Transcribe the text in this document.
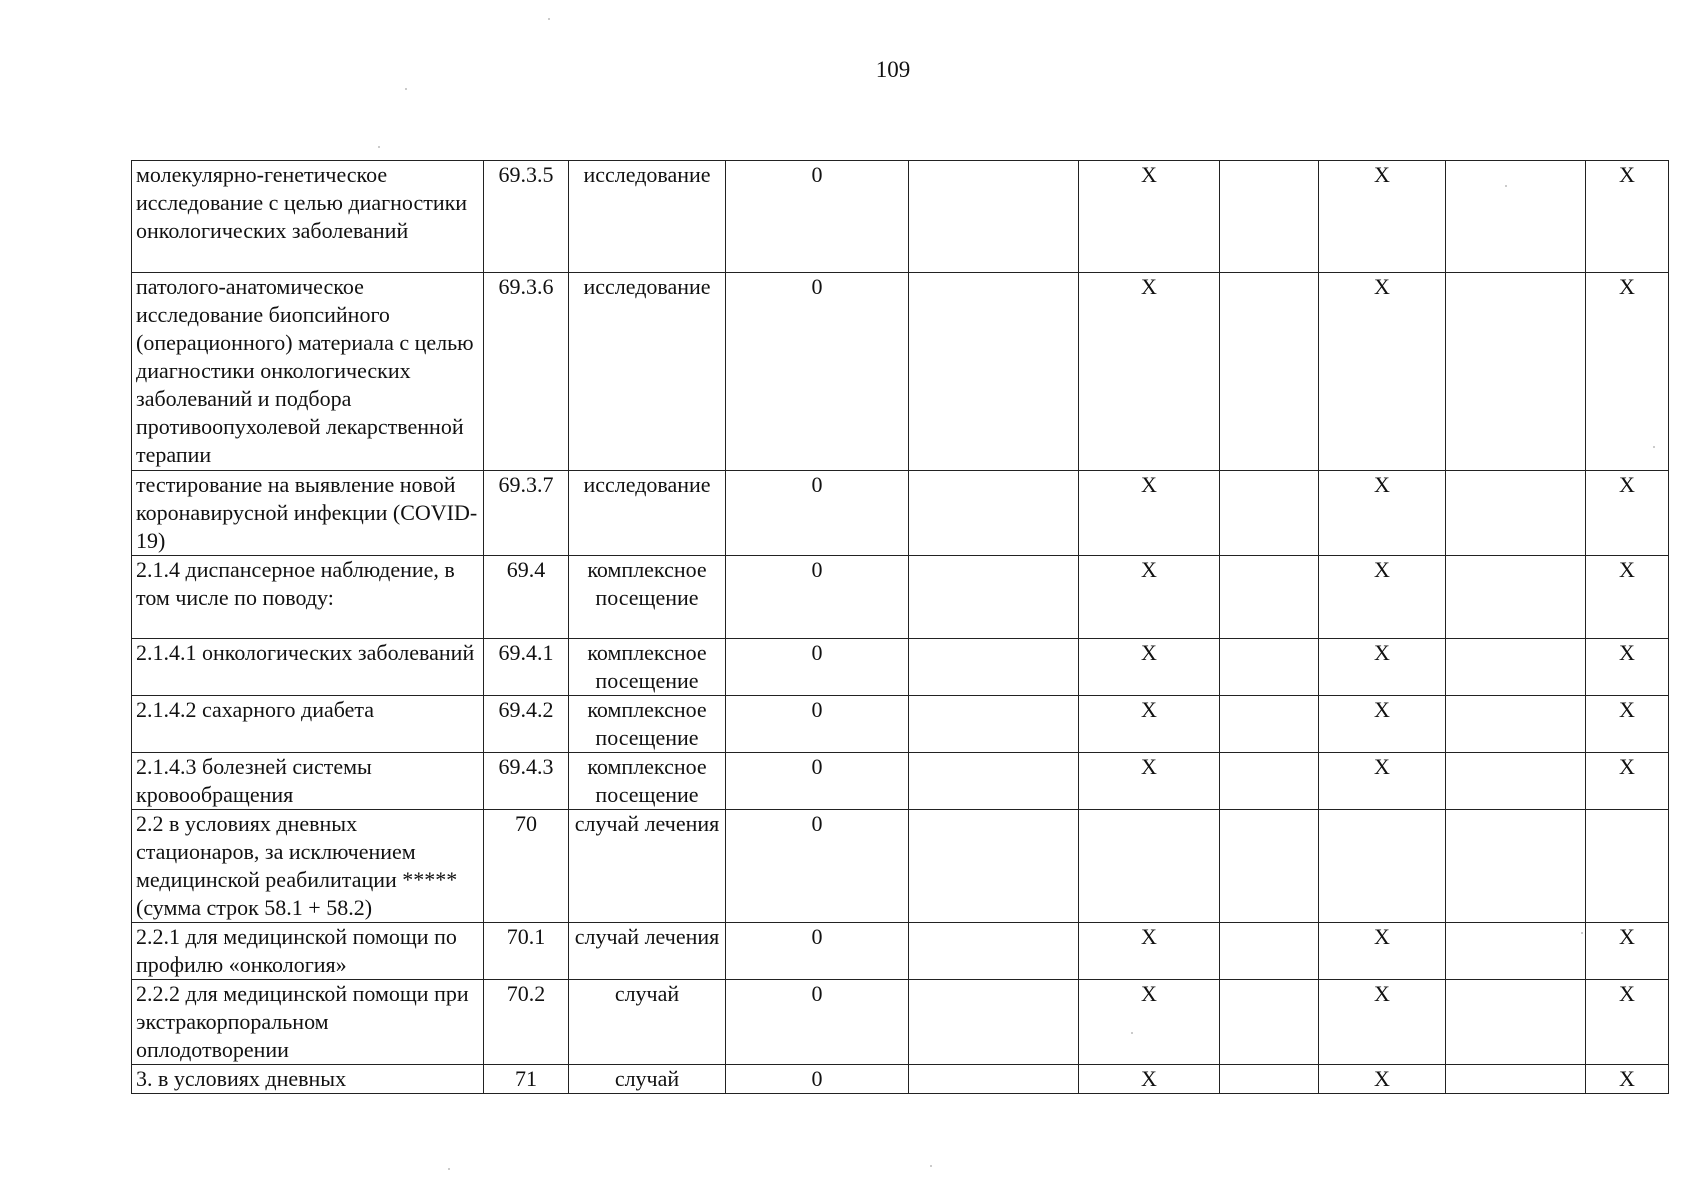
109
молекулярно-генетическое исследование с целью диагностики онкологических заболеваний	69.3.5	исследование	0		X		X		X
патолого-анатомическое исследование биопсийного (операционного) материала с целью диагностики онкологических заболеваний и подбора противоопухолевой лекарственной терапии	69.3.6	исследование	0		X		X		X
тестирование на выявление новой коронавирусной инфекции (COVID-19)	69.3.7	исследование	0		X		X		X
2.1.4 диспансерное наблюдение, в том числе по поводу:	69.4	комплексное посещение	0		X		X		X
2.1.4.1 онкологических заболеваний	69.4.1	комплексное посещение	0		X		X		X
2.1.4.2 сахарного диабета	69.4.2	комплексное посещение	0		X		X		X
2.1.4.3 болезней системы кровообращения	69.4.3	комплексное посещение	0		X		X		X
2.2 в условиях дневных стационаров, за исключением медицинской реабилитации ***** (сумма строк 58.1 + 58.2)	70	случай лечения	0						
2.2.1 для медицинской помощи по профилю «онкология»	70.1	случай лечения	0		X		X		X
2.2.2 для медицинской помощи при экстракорпоральном оплодотворении	70.2	случай	0		X		X		X
3. в условиях дневных	71	случай	0		X		X		X
